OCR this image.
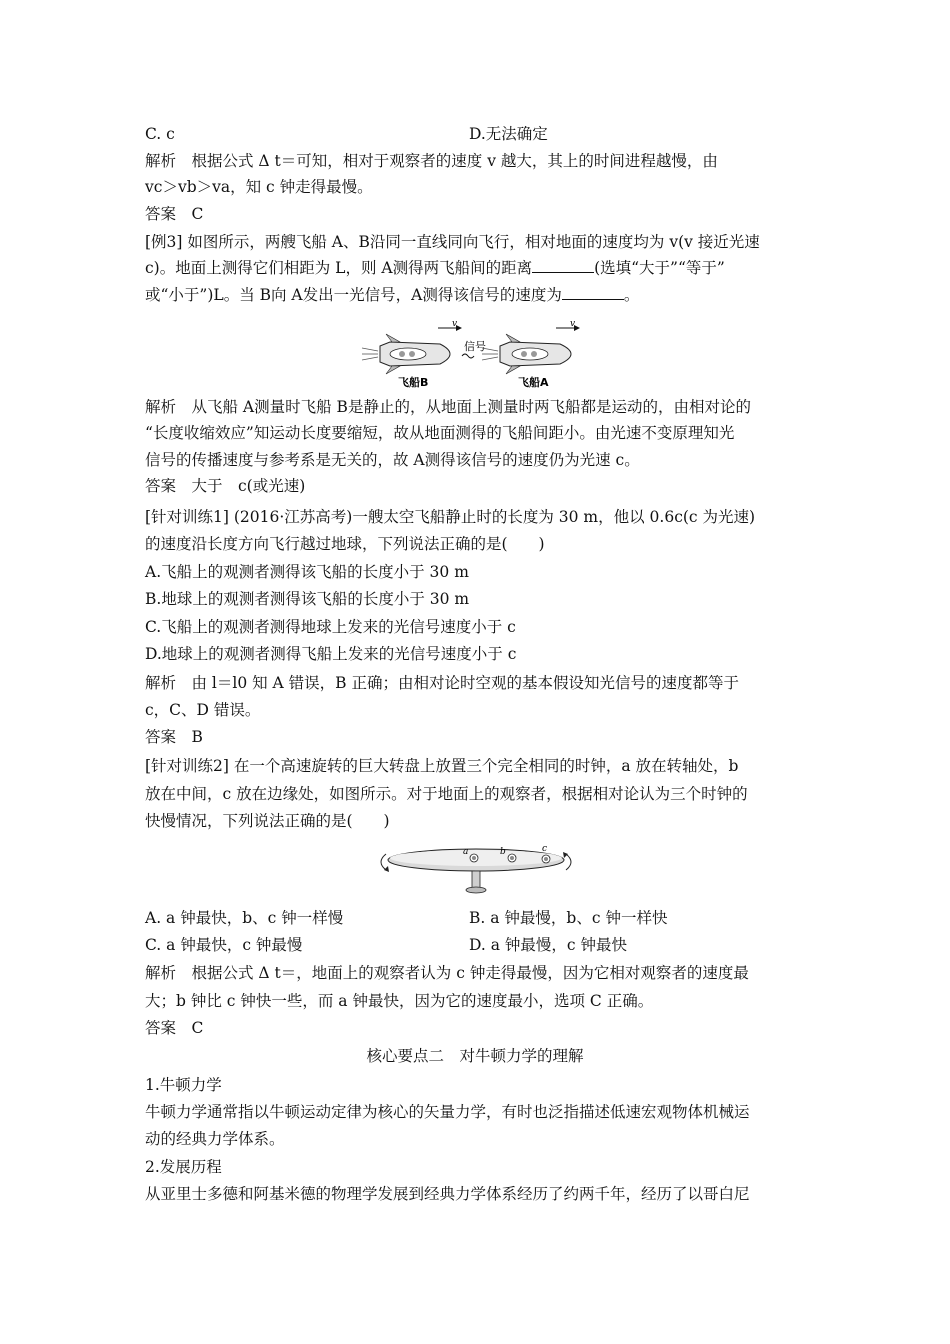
C. c	D.无法确定
解析　根据公式 Δ t＝可知，相对于观察者的速度 v 越大，其上的时间进程越慢，由
vc＞vb＞va，知 c 钟走得最慢。
答案　C
[例3] 如图所示，两艘飞船 A、B沿同一直线同向飞行，相对地面的速度均为 v(v 接近光速
c)。地面上测得它们相距为 L，则 A测得两飞船间的距离	(选填“大于”“等于”
或“小于”)L。当 B向 A发出一光信号，A测得该信号的速度为	。
v	v
信号
飞船B	飞船A
解析　从飞船 A测量时飞船 B是静止的，从地面上测量时两飞船都是运动的，由相对论的
“长度收缩效应”知运动长度要缩短，故从地面测得的飞船间距小。由光速不变原理知光
信号的传播速度与参考系是无关的，故 A测得该信号的速度仍为光速 c。
答案　大于　c(或光速)
[针对训练1] (2016·江苏高考)一艘太空飞船静止时的长度为 30 m，他以 0.6c(c 为光速)
的速度沿长度方向飞行越过地球，下列说法正确的是(　　)
A.飞船上的观测者测得该飞船的长度小于 30 m
B.地球上的观测者测得该飞船的长度小于 30 m
C.飞船上的观测者测得地球上发来的光信号速度小于 c
D.地球上的观测者测得飞船上发来的光信号速度小于 c
解析　由 l＝l0 知 A 错误，B 正确；由相对论时空观的基本假设知光信号的速度都等于
c，C、D 错误。
答案　B
[针对训练2] 在一个高速旋转的巨大转盘上放置三个完全相同的时钟，a 放在转轴处，b
放在中间，c 放在边缘处，如图所示。对于地面上的观察者，根据相对论认为三个时钟的
快慢情况，下列说法正确的是(　　)
a	b	c
A. a 钟最快，b、c 钟一样慢	B. a 钟最慢，b、c 钟一样快
C. a 钟最快，c 钟最慢	D. a 钟最慢，c 钟最快
解析　根据公式 Δ t＝，地面上的观察者认为 c 钟走得最慢，因为它相对观察者的速度最
大；b 钟比 c 钟快一些，而 a 钟最快，因为它的速度最小，选项 C 正确。
答案　C
核心要点二　对牛顿力学的理解
1.牛顿力学
牛顿力学通常指以牛顿运动定律为核心的矢量力学，有时也泛指描述低速宏观物体机械运
动的经典力学体系。
2.发展历程
从亚里士多德和阿基米德的物理学发展到经典力学体系经历了约两千年，经历了以哥白尼
